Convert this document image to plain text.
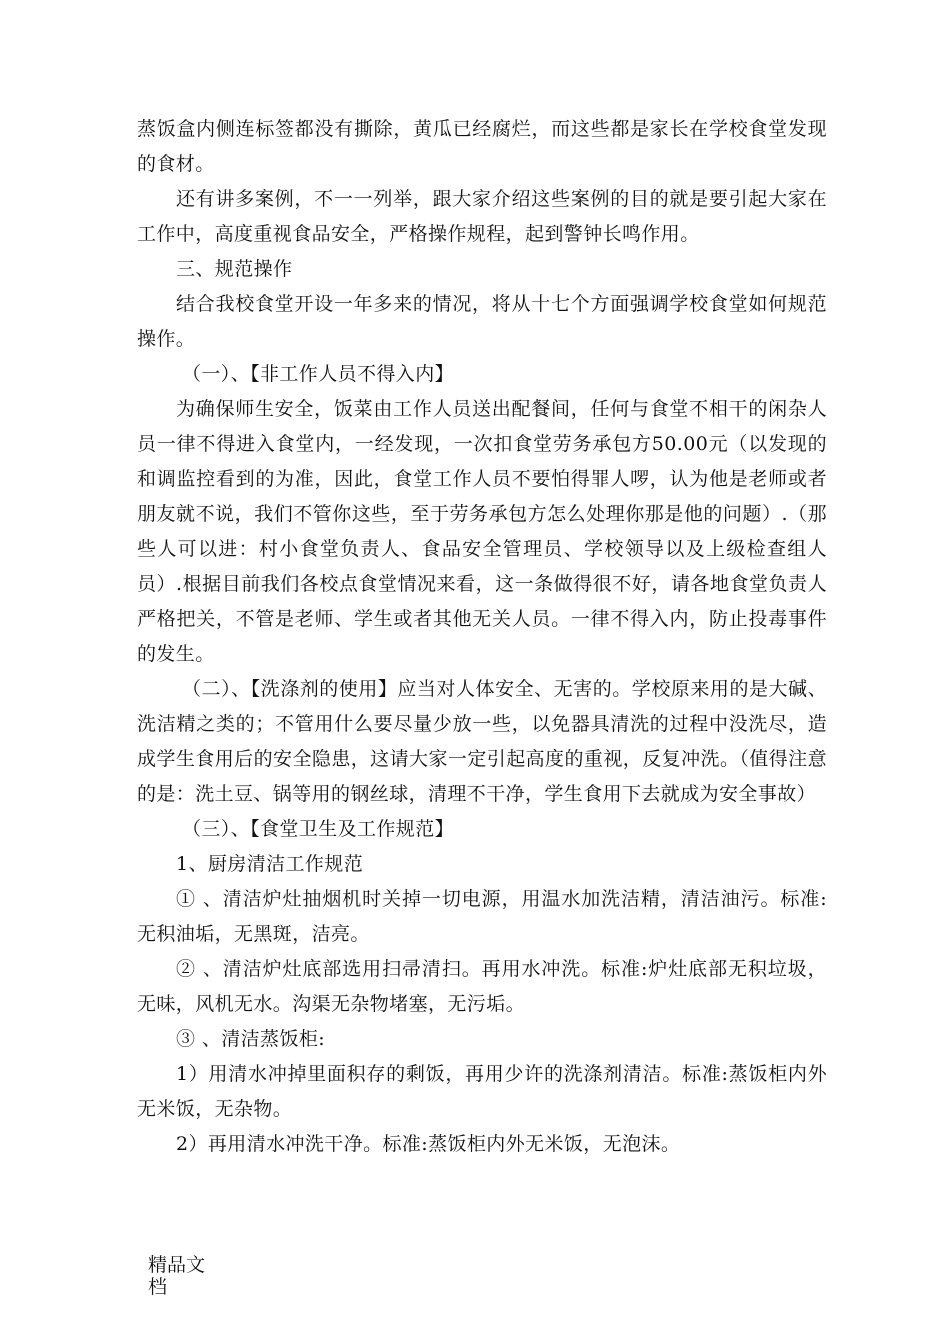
蒸饭盒内侧连标签都没有撕除，黄瓜已经腐烂，而这些都是家长在学校食堂发现的食材。

还有讲多案例，不一一列举，跟大家介绍这些案例的目的就是要引起大家在工作中，高度重视食品安全，严格操作规程，起到警钟长鸣作用。

三、规范操作

结合我校食堂开设一年多来的情况，将从十七个方面强调学校食堂如何规范操作。

（一）、【非工作人员不得入内】

为确保师生安全，饭菜由工作人员送出配餐间，任何与食堂不相干的闲杂人员一律不得进入食堂内，一经发现，一次扣食堂劳务承包方50.00元（以发现的和调监控看到的为准，因此，食堂工作人员不要怕得罪人啰，认为他是老师或者朋友就不说，我们不管你这些，至于劳务承包方怎么处理你那是他的问题）.（那些人可以进：村小食堂负责人、食品安全管理员、学校领导以及上级检查组人员）.根据目前我们各校点食堂情况来看，这一条做得很不好，请各地食堂负责人严格把关，不管是老师、学生或者其他无关人员。一律不得入内，防止投毒事件的发生。

（二）、【洗涤剂的使用】应当对人体安全、无害的。学校原来用的是大碱、洗洁精之类的；不管用什么要尽量少放一些，以免器具清洗的过程中没洗尽，造成学生食用后的安全隐患，这请大家一定引起高度的重视，反复冲洗。（值得注意的是：洗土豆、锅等用的钢丝球，清理不干净，学生食用下去就成为安全事故）

（三）、【食堂卫生及工作规范】

1、厨房清洁工作规范

① 、清洁炉灶抽烟机时关掉一切电源，用温水加洗洁精，清洁油污。标准:无积油垢，无黑斑，洁亮。

② 、清洁炉灶底部选用扫帚清扫。再用水冲洗。标准:炉灶底部无积垃圾，无味，风机无水。沟渠无杂物堵塞，无污垢。

③ 、清洁蒸饭柜:

1）用清水冲掉里面积存的剩饭，再用少许的洗涤剂清洁。标准:蒸饭柜内外无米饭，无杂物。

2）再用清水冲洗干净。标准:蒸饭柜内外无米饭，无泡沫。

精品文
档
